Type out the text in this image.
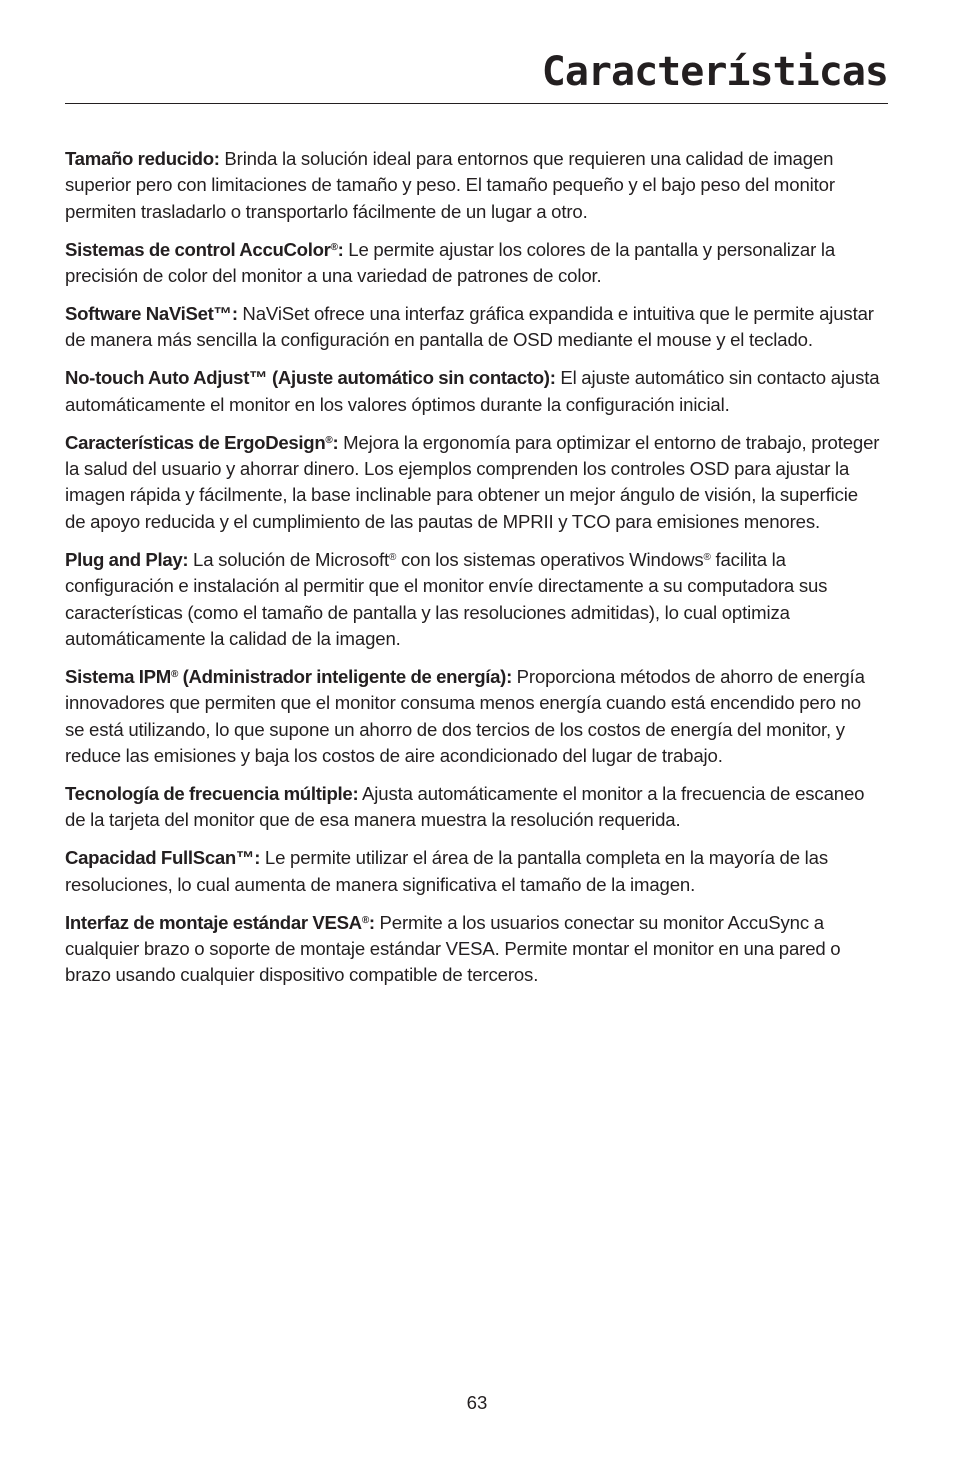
Características

Tamaño reducido: Brinda la solución ideal para entornos que requieren una calidad de imagen superior pero con limitaciones de tamaño y peso. El tamaño pequeño y el bajo peso del monitor permiten trasladarlo o transportarlo fácilmente de un lugar a otro.

Sistemas de control AccuColor®: Le permite ajustar los colores de la pantalla y personalizar la precisión de color del monitor a una variedad de patrones de color.

Software NaViSet™: NaViSet ofrece una interfaz gráfica expandida e intuitiva que le permite ajustar de manera más sencilla la configuración en pantalla de OSD mediante el mouse y el teclado.

No-touch Auto Adjust™ (Ajuste automático sin contacto): El ajuste automático sin contacto ajusta automáticamente el monitor en los valores óptimos durante la configuración inicial.

Características de ErgoDesign®: Mejora la ergonomía para optimizar el entorno de trabajo, proteger la salud del usuario y ahorrar dinero. Los ejemplos comprenden los controles OSD para ajustar la imagen rápida y fácilmente, la base inclinable para obtener un mejor ángulo de visión, la superficie de apoyo reducida y el cumplimiento de las pautas de MPRII y TCO para emisiones menores.

Plug and Play: La solución de Microsoft® con los sistemas operativos Windows® facilita la configuración e instalación al permitir que el monitor envíe directamente a su computadora sus características (como el tamaño de pantalla y las resoluciones admitidas), lo cual optimiza automáticamente la calidad de la imagen.

Sistema IPM® (Administrador inteligente de energía): Proporciona métodos de ahorro de energía innovadores que permiten que el monitor consuma menos energía cuando está encendido pero no se está utilizando, lo que supone un ahorro de dos tercios de los costos de energía del monitor, y reduce las emisiones y baja los costos de aire acondicionado del lugar de trabajo.

Tecnología de frecuencia múltiple: Ajusta automáticamente el monitor a la frecuencia de escaneo de la tarjeta del monitor que de esa manera muestra la resolución requerida.

Capacidad FullScan™: Le permite utilizar el área de la pantalla completa en la mayoría de las resoluciones, lo cual aumenta de manera significativa el tamaño de la imagen.

Interfaz de montaje estándar VESA®: Permite a los usuarios conectar su monitor AccuSync a cualquier brazo o soporte de montaje estándar VESA. Permite montar el monitor en una pared o brazo usando cualquier dispositivo compatible de terceros.

63
